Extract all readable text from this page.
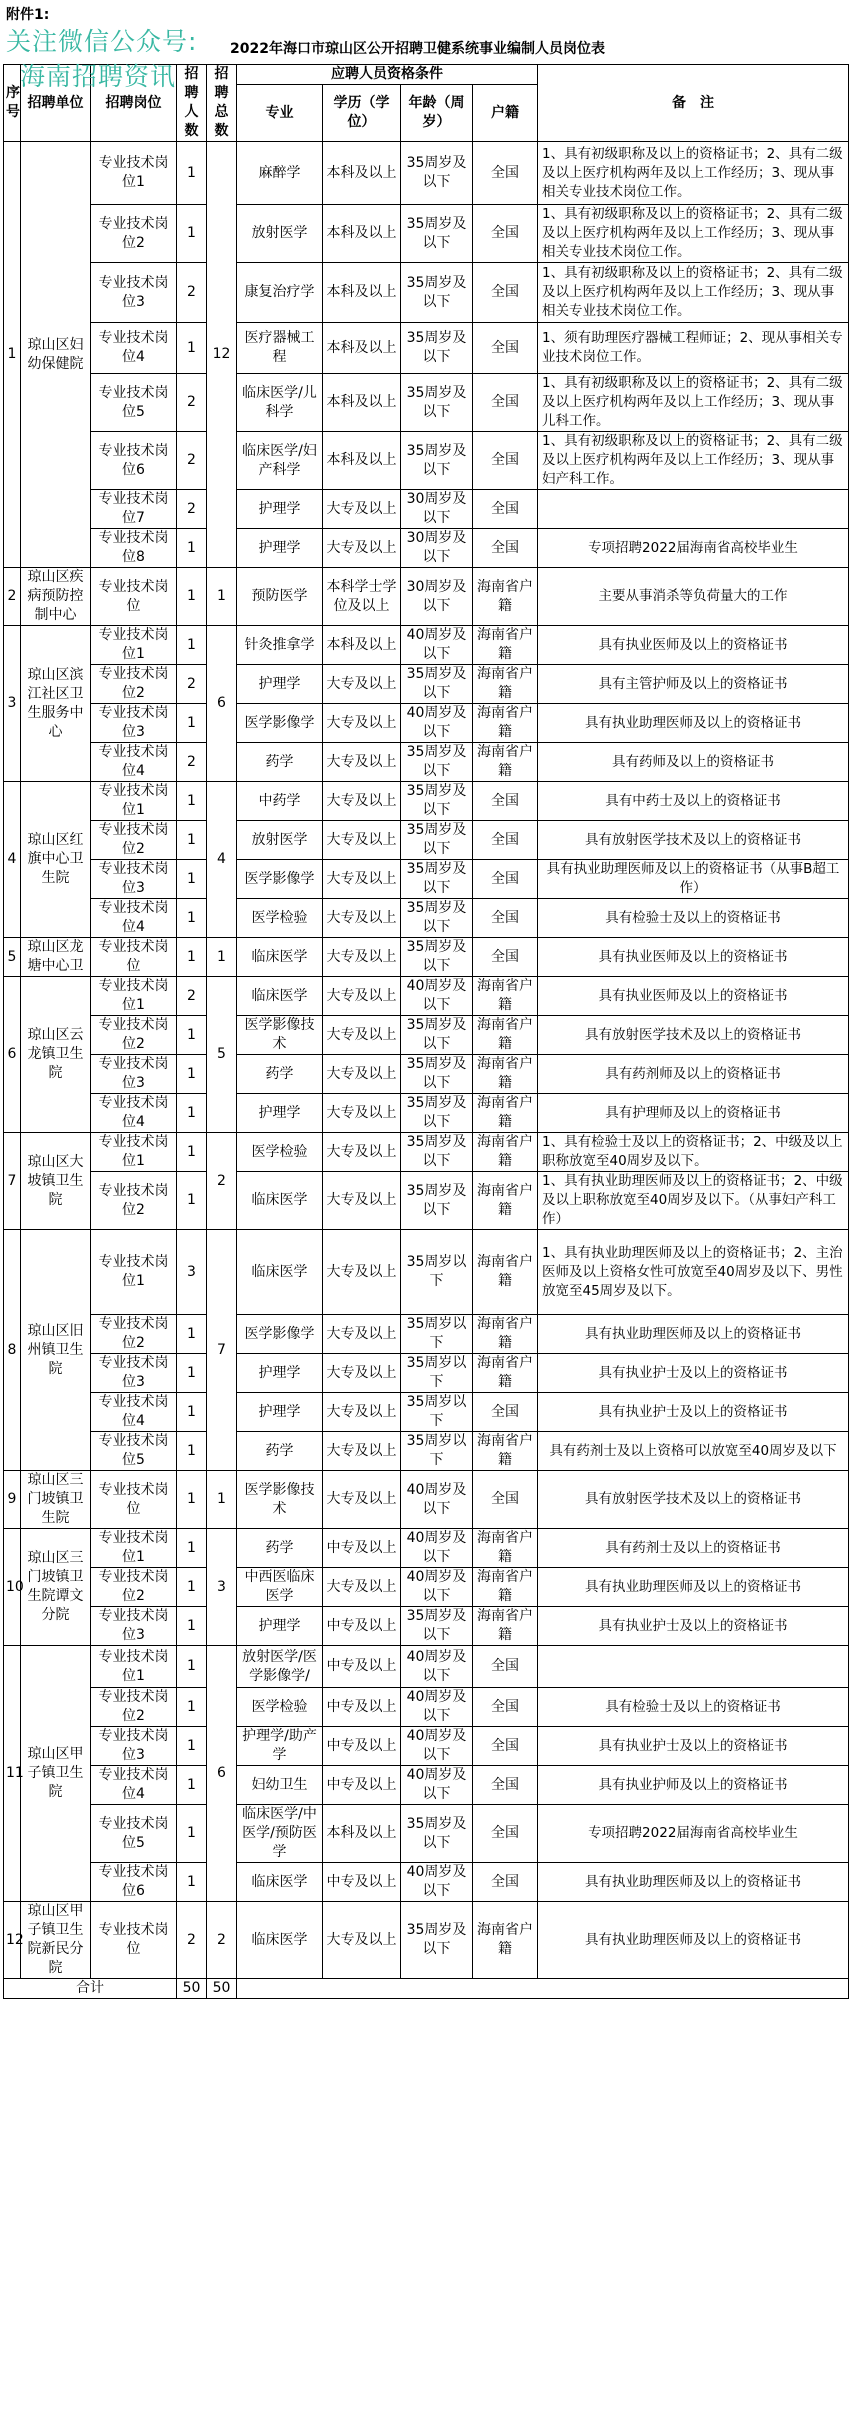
附件1:
关注微信公众号:
海南招聘资讯
2022年海口市琼山区公开招聘卫健系统事业编制人员岗位表
序号	招聘单位	招聘岗位	招聘人数	招聘总数	应聘人员资格条件				备　注
					专业	学历（学位）	年龄（周岁）	户籍	
1	琼山区妇幼保健院	专业技术岗位1	1	12	麻醉学	本科及以上	35周岁及以下	全国	1、具有初级职称及以上的资格证书；2、具有二级及以上医疗机构两年及以上工作经历；3、现从事相关专业技术岗位工作。
		专业技术岗位2	1		放射医学	本科及以上	35周岁及以下	全国	1、具有初级职称及以上的资格证书；2、具有二级及以上医疗机构两年及以上工作经历；3、现从事相关专业技术岗位工作。
		专业技术岗位3	2		康复治疗学	本科及以上	35周岁及以下	全国	1、具有初级职称及以上的资格证书；2、具有二级及以上医疗机构两年及以上工作经历；3、现从事相关专业技术岗位工作。
		专业技术岗位4	1		医疗器械工程	本科及以上	35周岁及以下	全国	1、须有助理医疗器械工程师证；2、现从事相关专业技术岗位工作。
		专业技术岗位5	2		临床医学/儿科学	本科及以上	35周岁及以下	全国	1、具有初级职称及以上的资格证书；2、具有二级及以上医疗机构两年及以上工作经历；3、现从事儿科工作。
		专业技术岗位6	2		临床医学/妇产科学	本科及以上	35周岁及以下	全国	1、具有初级职称及以上的资格证书；2、具有二级及以上医疗机构两年及以上工作经历；3、现从事妇产科工作。
		专业技术岗位7	2		护理学	大专及以上	30周岁及以下	全国	
		专业技术岗位8	1		护理学	大专及以上	30周岁及以下	全国	专项招聘2022届海南省高校毕业生
2	琼山区疾病预防控制中心	专业技术岗位	1	1	预防医学	本科学士学位及以上	30周岁及以下	海南省户籍	主要从事消杀等负荷量大的工作
3	琼山区滨江社区卫生服务中心	专业技术岗位1	1	6	针灸推拿学	本科及以上	40周岁及以下	海南省户籍	具有执业医师及以上的资格证书
		专业技术岗位2	2		护理学	大专及以上	35周岁及以下	海南省户籍	具有主管护师及以上的资格证书
		专业技术岗位3	1		医学影像学	大专及以上	40周岁及以下	海南省户籍	具有执业助理医师及以上的资格证书
		专业技术岗位4	2		药学	大专及以上	35周岁及以下	海南省户籍	具有药师及以上的资格证书
4	琼山区红旗中心卫生院	专业技术岗位1	1	4	中药学	大专及以上	35周岁及以下	全国	具有中药士及以上的资格证书
		专业技术岗位2	1		放射医学	大专及以上	35周岁及以下	全国	具有放射医学技术及以上的资格证书
		专业技术岗位3	1		医学影像学	大专及以上	35周岁及以下	全国	具有执业助理医师及以上的资格证书（从事B超工作）
		专业技术岗位4	1		医学检验	大专及以上	35周岁及以下	全国	具有检验士及以上的资格证书
5	琼山区龙塘中心卫	专业技术岗位	1	1	临床医学	大专及以上	35周岁及以下	全国	具有执业医师及以上的资格证书
6	琼山区云龙镇卫生院	专业技术岗位1	2	5	临床医学	大专及以上	40周岁及以下	海南省户籍	具有执业医师及以上的资格证书
		专业技术岗位2	1		医学影像技术	大专及以上	35周岁及以下	海南省户籍	具有放射医学技术及以上的资格证书
		专业技术岗位3	1		药学	大专及以上	35周岁及以下	海南省户籍	具有药剂师及以上的资格证书
		专业技术岗位4	1		护理学	大专及以上	35周岁及以下	海南省户籍	具有护理师及以上的资格证书
7	琼山区大坡镇卫生院	专业技术岗位1	1	2	医学检验	大专及以上	35周岁及以下	海南省户籍	1、具有检验士及以上的资格证书；2、中级及以上职称放宽至40周岁及以下。
		专业技术岗位2	1		临床医学	大专及以上	35周岁及以下	海南省户籍	1、具有执业助理医师及以上的资格证书；2、中级及以上职称放宽至40周岁及以下。（从事妇产科工作）
8	琼山区旧州镇卫生院	专业技术岗位1	3	7	临床医学	大专及以上	35周岁以下	海南省户籍	1、具有执业助理医师及以上的资格证书；2、主治医师及以上资格女性可放宽至40周岁及以下、男性放宽至45周岁及以下。
		专业技术岗位2	1		医学影像学	大专及以上	35周岁以下	海南省户籍	具有执业助理医师及以上的资格证书
		专业技术岗位3	1		护理学	大专及以上	35周岁以下	海南省户籍	具有执业护士及以上的资格证书
		专业技术岗位4	1		护理学	大专及以上	35周岁以下	全国	具有执业护士及以上的资格证书
		专业技术岗位5	1		药学	大专及以上	35周岁以下	海南省户籍	具有药剂士及以上资格可以放宽至40周岁及以下
9	琼山区三门坡镇卫生院	专业技术岗位	1	1	医学影像技术	大专及以上	40周岁及以下	全国	具有放射医学技术及以上的资格证书
10	琼山区三门坡镇卫生院谭文分院	专业技术岗位1	1	3	药学	中专及以上	40周岁及以下	海南省户籍	具有药剂士及以上的资格证书
		专业技术岗位2	1		中西医临床医学	大专及以上	40周岁及以下	海南省户籍	具有执业助理医师及以上的资格证书
		专业技术岗位3	1		护理学	中专及以上	35周岁及以下	海南省户籍	具有执业护士及以上的资格证书
11	琼山区甲子镇卫生院	专业技术岗位1	1	6	放射医学/医学影像学/	中专及以上	40周岁及以下	全国	
		专业技术岗位2	1		医学检验	中专及以上	40周岁及以下	全国	具有检验士及以上的资格证书
		专业技术岗位3	1		护理学/助产学	中专及以上	40周岁及以下	全国	具有执业护士及以上的资格证书
		专业技术岗位4	1		妇幼卫生	中专及以上	40周岁及以下	全国	具有执业护师及以上的资格证书
		专业技术岗位5	1		临床医学/中医学/预防医学	本科及以上	35周岁及以下	全国	专项招聘2022届海南省高校毕业生
		专业技术岗位6	1		临床医学	中专及以上	40周岁及以下	全国	具有执业助理医师及以上的资格证书
12	琼山区甲子镇卫生院新民分院	专业技术岗位	2	2	临床医学	大专及以上	35周岁及以下	海南省户籍	具有执业助理医师及以上的资格证书
合计			50	50					
